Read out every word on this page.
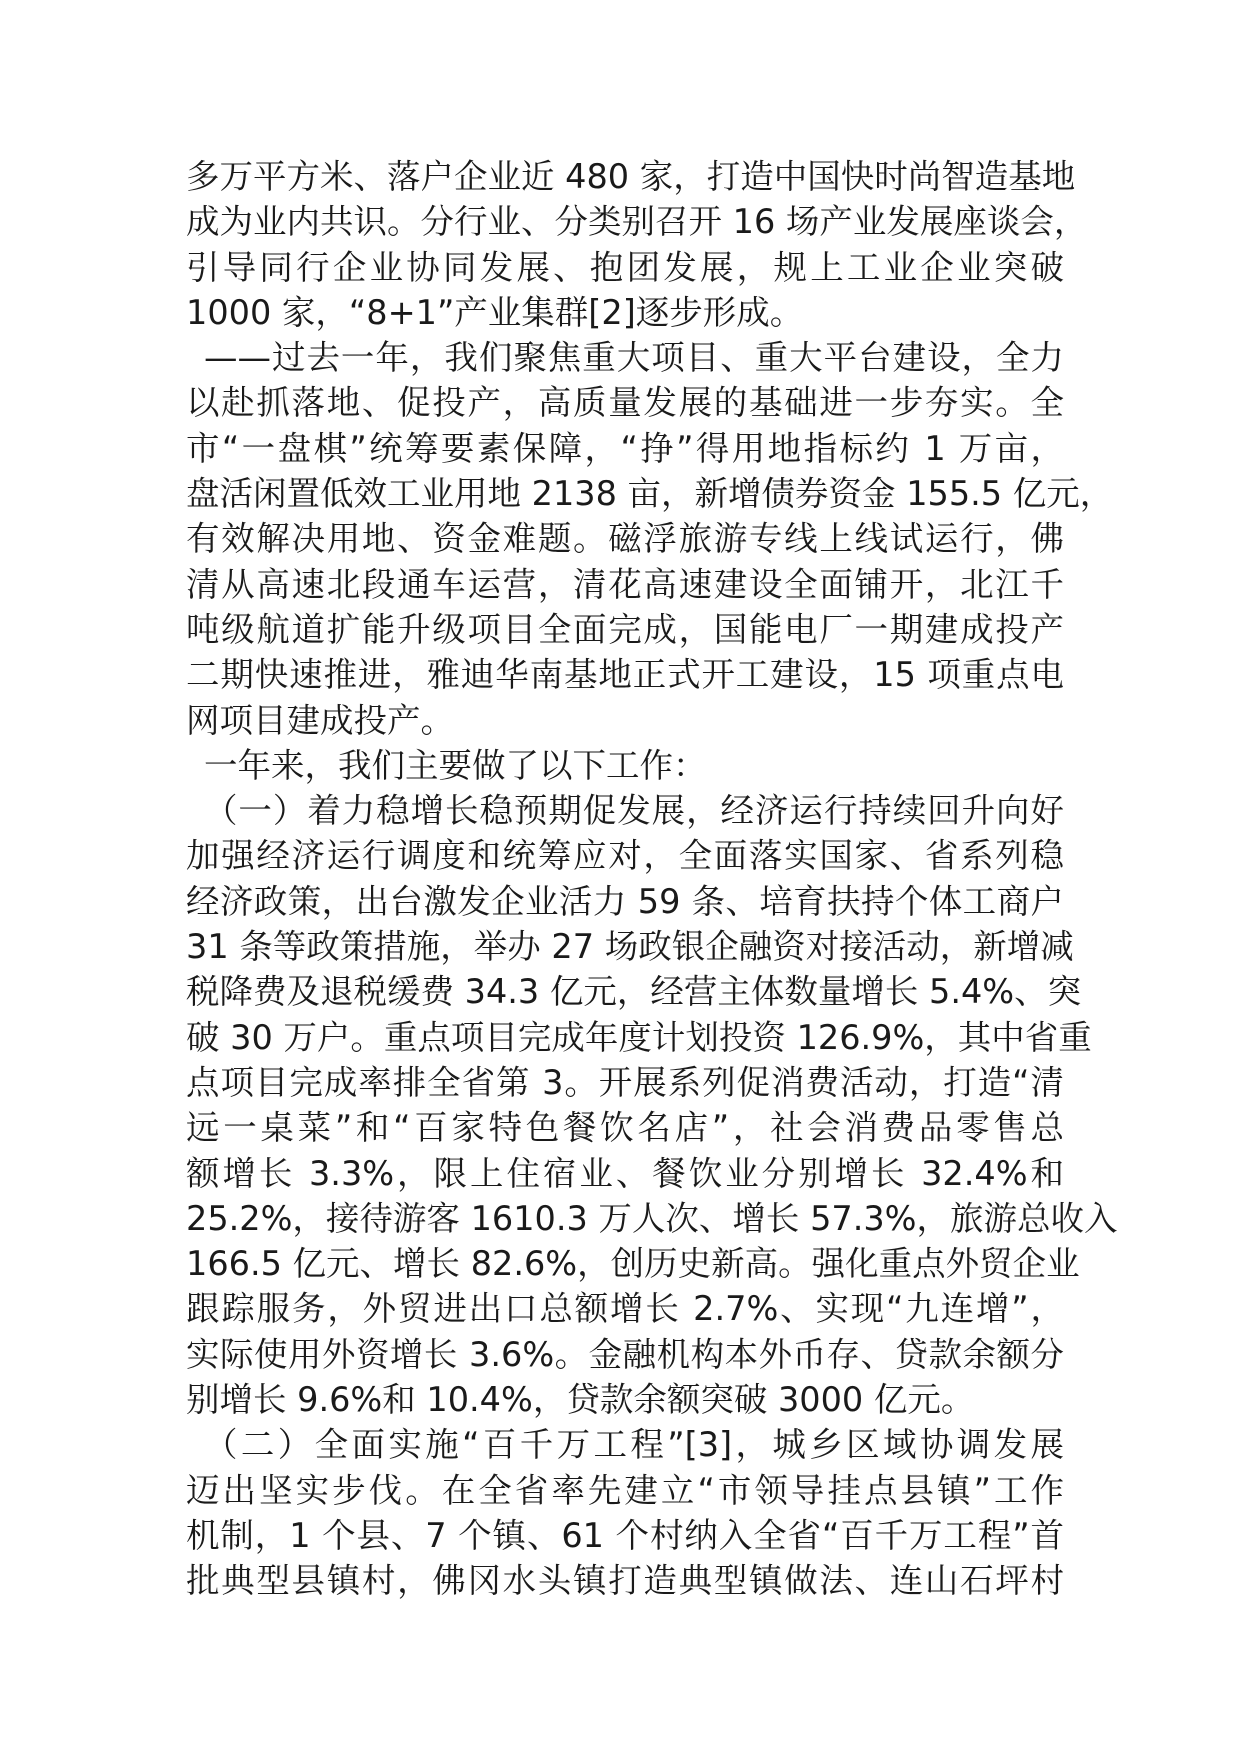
多万平方米、落户企业近 480 家，打造中国快时尚智造基地
成为业内共识。分行业、分类别召开 16 场产业发展座谈会，
引导同行企业协同发展、抱团发展，规上工业企业突破
1000 家，“8+1”产业集群[2]逐步形成。
——过去一年，我们聚焦重大项目、重大平台建设，全力
以赴抓落地、促投产，高质量发展的基础进一步夯实。全
市“一盘棋”统筹要素保障，“挣”得用地指标约 1 万亩，
盘活闲置低效工业用地 2138 亩，新增债券资金 155.5 亿元，
有效解决用地、资金难题。磁浮旅游专线上线试运行，佛
清从高速北段通车运营，清花高速建设全面铺开，北江千
吨级航道扩能升级项目全面完成，国能电厂一期建成投产
二期快速推进，雅迪华南基地正式开工建设，15 项重点电
网项目建成投产。
一年来，我们主要做了以下工作：
（一）着力稳增长稳预期促发展，经济运行持续回升向好
加强经济运行调度和统筹应对，全面落实国家、省系列稳
经济政策，出台激发企业活力 59 条、培育扶持个体工商户
31 条等政策措施，举办 27 场政银企融资对接活动，新增减
税降费及退税缓费 34.3 亿元，经营主体数量增长 5.4%、突
破 30 万户。重点项目完成年度计划投资 126.9%，其中省重
点项目完成率排全省第 3。开展系列促消费活动，打造“清
远一桌菜”和“百家特色餐饮名店”，社会消费品零售总
额增长 3.3%，限上住宿业、餐饮业分别增长 32.4%和
25.2%，接待游客 1610.3 万人次、增长 57.3%，旅游总收入
166.5 亿元、增长 82.6%，创历史新高。强化重点外贸企业
跟踪服务，外贸进出口总额增长 2.7%、实现“九连增”，
实际使用外资增长 3.6%。金融机构本外币存、贷款余额分
别增长 9.6%和 10.4%，贷款余额突破 3000 亿元。
（二）全面实施“百千万工程”[3]，城乡区域协调发展
迈出坚实步伐。在全省率先建立“市领导挂点县镇”工作
机制，1 个县、7 个镇、61 个村纳入全省“百千万工程”首
批典型县镇村，佛冈水头镇打造典型镇做法、连山石坪村
